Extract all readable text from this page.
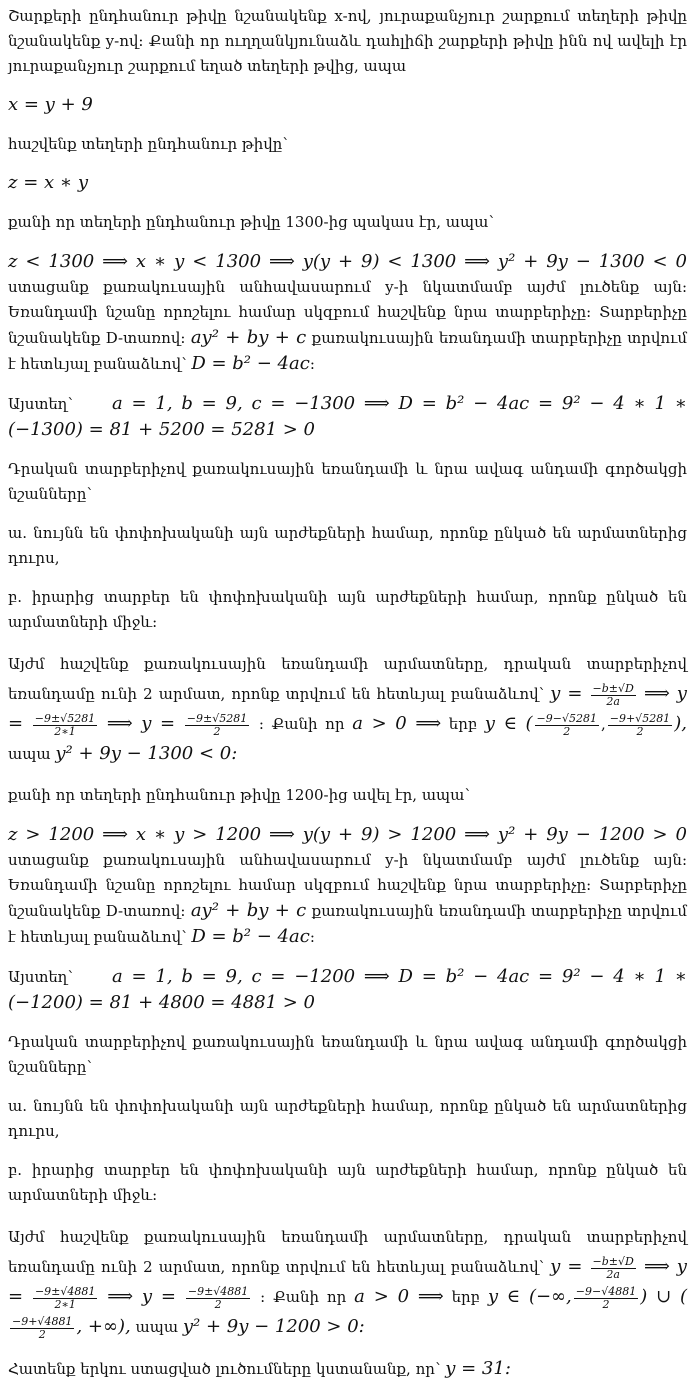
Շարքերի ընդհանուր թիվը նշանակենք x-ով, յուրաքանչյուր շարքում տեղերի թիվը նշանակենք y-ով: Քանի որ ուղղանկյունաձև դահլիճի շարքերի թիվը ինն ով ավելի էր յուրաքանչյուր շարքում եղած տեղերի թվից, ապա

x = y + 9

հաշվենք տեղերի ընդհանուր թիվը՝

z = x ∗ y

քանի որ տեղերի ընդհանուր թիվը 1300-ից պակաս էր, ապա՝

z < 1300 ⟹ x ∗ y < 1300 ⟹ y(y + 9) < 1300 ⟹ y² + 9y − 1300 < 0 ստացանք քառակուսային անհավասարում y-ի նկատմամբ այժմ լուծենք այն: Եռանդամի նշանը որոշելու համար սկզբում հաշվենք նրա տարբերիչը: Տարբերիչը նշանակենք D-տառով: ay² + by + c քառակուսային եռանդամի տարբերիչը տրվում է հետևյալ բանաձևով՝ D = b² − 4ac:

Այստեղ՝ a = 1, b = 9, c = −1300 ⟹ D = b² − 4ac = 9² − 4 ∗ 1 ∗ (−1300) = 81 + 5200 = 5281 > 0

Դրական տարբերիչով քառակուսային եռանդամի և նրա ավագ անդամի գործակցի նշանները՝

ա. նույնն են փոփոխականի այն արժեքների համար, որոնք ընկած են արմատներից դուրս,

բ. իրարից տարբեր են փոփոխականի այն արժեքների համար, որոնք ընկած են արմատների միջև:

Այժմ հաշվենք քառակուսային եռանդամի արմատները, դրական տարբերիչով եռանդամը ունի 2 արմատ, որոնք տրվում են հետևյալ բանաձևով՝ $y = \frac{-b\pm√D}{2a}$ ⟹ $y = \frac{-9\pm√5281}{2∗1}$ ⟹ $y = \frac{-9\pm√5281}{2}$ : Քանի որ a > 0 ⟹ երբ y ∈ ( $\frac{-9-√5281}{2}$ , $\frac{-9+√5281}{2}$ ), ապա y² + 9y − 1300 < 0:

քանի որ տեղերի ընդհանուր թիվը 1200-ից ավել էր, ապա՝

z > 1200 ⟹ x ∗ y > 1200 ⟹ y(y + 9) > 1200 ⟹ y² + 9y − 1200 > 0 ստացանք քառակուսային անհավասարում y-ի նկատմամբ այժմ լուծենք այն: Եռանդամի նշանը որոշելու համար սկզբում հաշվենք նրա տարբերիչը: Տարբերիչը նշանակենք D-տառով: ay² + by + c քառակուսային եռանդամի տարբերիչը տրվում է հետևյալ բանաձևով՝ D = b² − 4ac:

Այստեղ՝ a = 1, b = 9, c = −1200 ⟹ D = b² − 4ac = 9² − 4 ∗ 1 ∗ (−1200) = 81 + 4800 = 4881 > 0

Դրական տարբերիչով քառակուսային եռանդամի և նրա ավագ անդամի գործակցի նշանները՝

ա. նույնն են փոփոխականի այն արժեքների համար, որոնք ընկած են արմատներից դուրս,

բ. իրարից տարբեր են փոփոխականի այն արժեքների համար, որոնք ընկած են արմատների միջև:

Այժմ հաշվենք քառակուսային եռանդամի արմատները, դրական տարբերիչով եռանդամը ունի 2 արմատ, որոնք տրվում են հետևյալ բանաձևով՝ $y = \frac{-b\pm√D}{2a}$ ⟹ $y = \frac{-9\pm√4881}{2∗1}$ ⟹ $y = \frac{-9\pm√4881}{2}$ : Քանի որ a > 0 ⟹ երբ y ∈ (−∞, $\frac{-9-√4881}{2}$ ) ∪ (
$\frac{-9+√4881}{2}$ , +∞), ապա y² + 9y − 1200 > 0:

Հատենք երկու ստացված լուծումները կստանանք, որ՝ y = 31:
